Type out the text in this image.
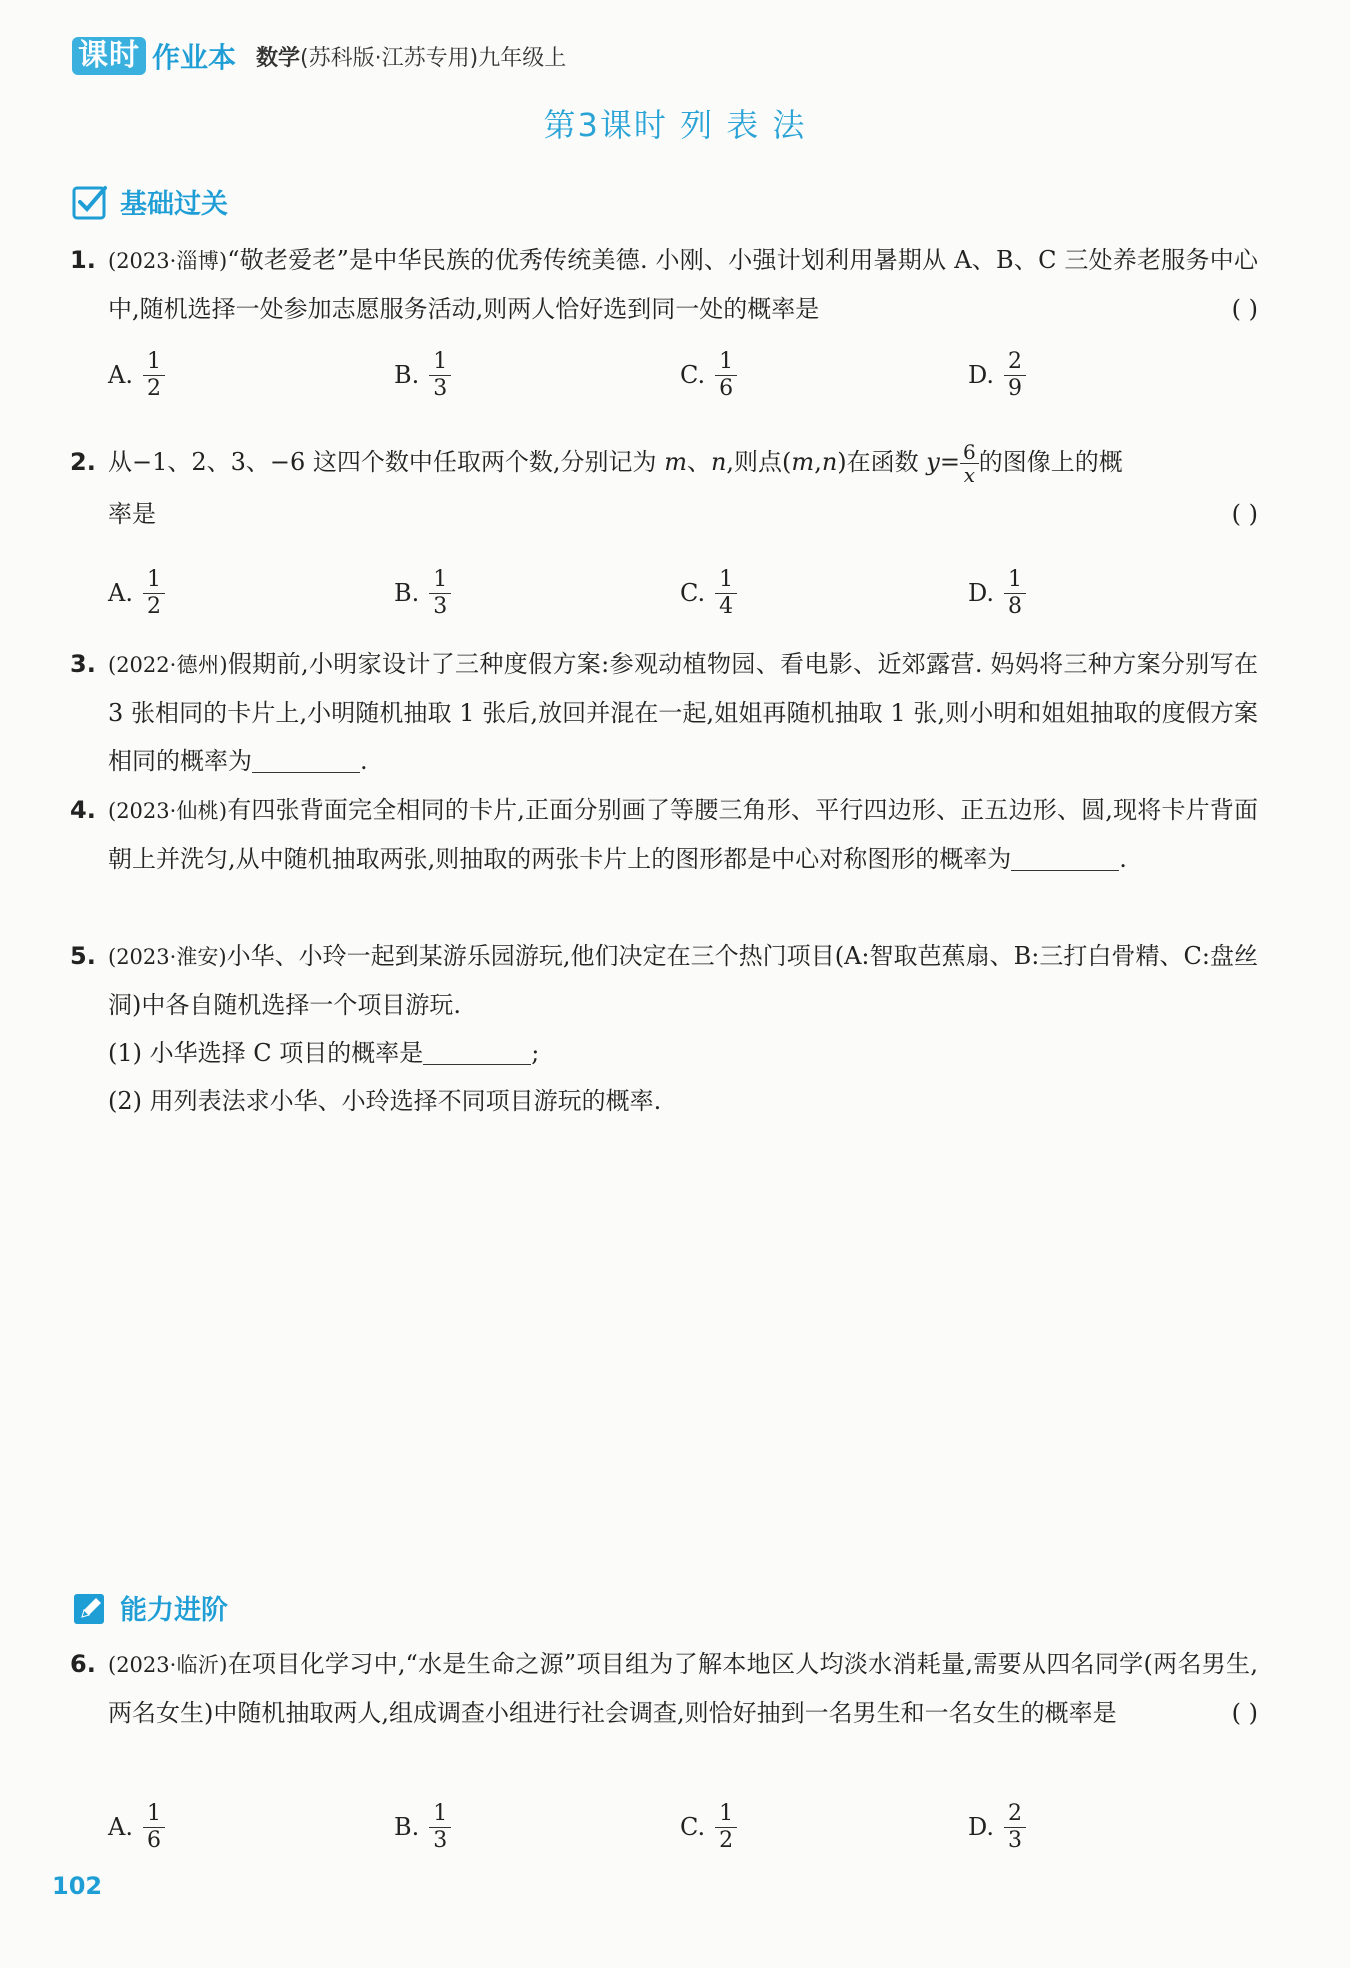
课时 作业本 数学(苏科版·江苏专用)九年级上
第3课时 列 表 法
基础过关
1. (2023·淄博)“敬老爱老”是中华民族的优秀传统美德. 小刚、小强计划利用暑期从 A、B、C 三处养老服务中心中,随机选择一处参加志愿服务活动,则两人恰好选到同一处的概率是	( )
A. $\frac{1}{2}$	B. $\frac{1}{3}$	C. $\frac{1}{6}$	D. $\frac{2}{9}$
2. 从−1、2、3、−6 这四个数中任取两个数,分别记为 m、n,则点(m,n)在函数 $y= \frac{6}{x}$ 的图像上的概
率是	( )
A. $\frac{1}{2}$	B. $\frac{1}{3}$	C. $\frac{1}{4}$	D. $\frac{1}{8}$
3. (2022·德州)假期前,小明家设计了三种度假方案:参观动植物园、看电影、近郊露营. 妈妈将三种方案分别写在 3 张相同的卡片上,小明随机抽取 1 张后,放回并混在一起,姐姐再随机抽取 1 张,则小明和姐姐抽取的度假方案相同的概率为	.
4. (2023·仙桃)有四张背面完全相同的卡片,正面分别画了等腰三角形、平行四边形、正五边形、圆,现将卡片背面朝上并洗匀,从中随机抽取两张,则抽取的两张卡片上的图形都是中心对称图形的概率为	.
5. (2023·淮安)小华、小玲一起到某游乐园游玩,他们决定在三个热门项目(A:智取芭蕉扇、B:三打白骨精、C:盘丝洞)中各自随机选择一个项目游玩.
(1) 小华选择 C 项目的概率是	;
(2) 用列表法求小华、小玲选择不同项目游玩的概率.
能力进阶
6. (2023·临沂)在项目化学习中,“水是生命之源”项目组为了解本地区人均淡水消耗量,需要从四名同学(两名男生,两名女生)中随机抽取两人,组成调查小组进行社会调查,则恰好抽到一名男生和一名女生的概率是	( )
A. $\frac{1}{6}$	B. $\frac{1}{3}$	C. $\frac{1}{2}$	D. $\frac{2}{3}$
102
